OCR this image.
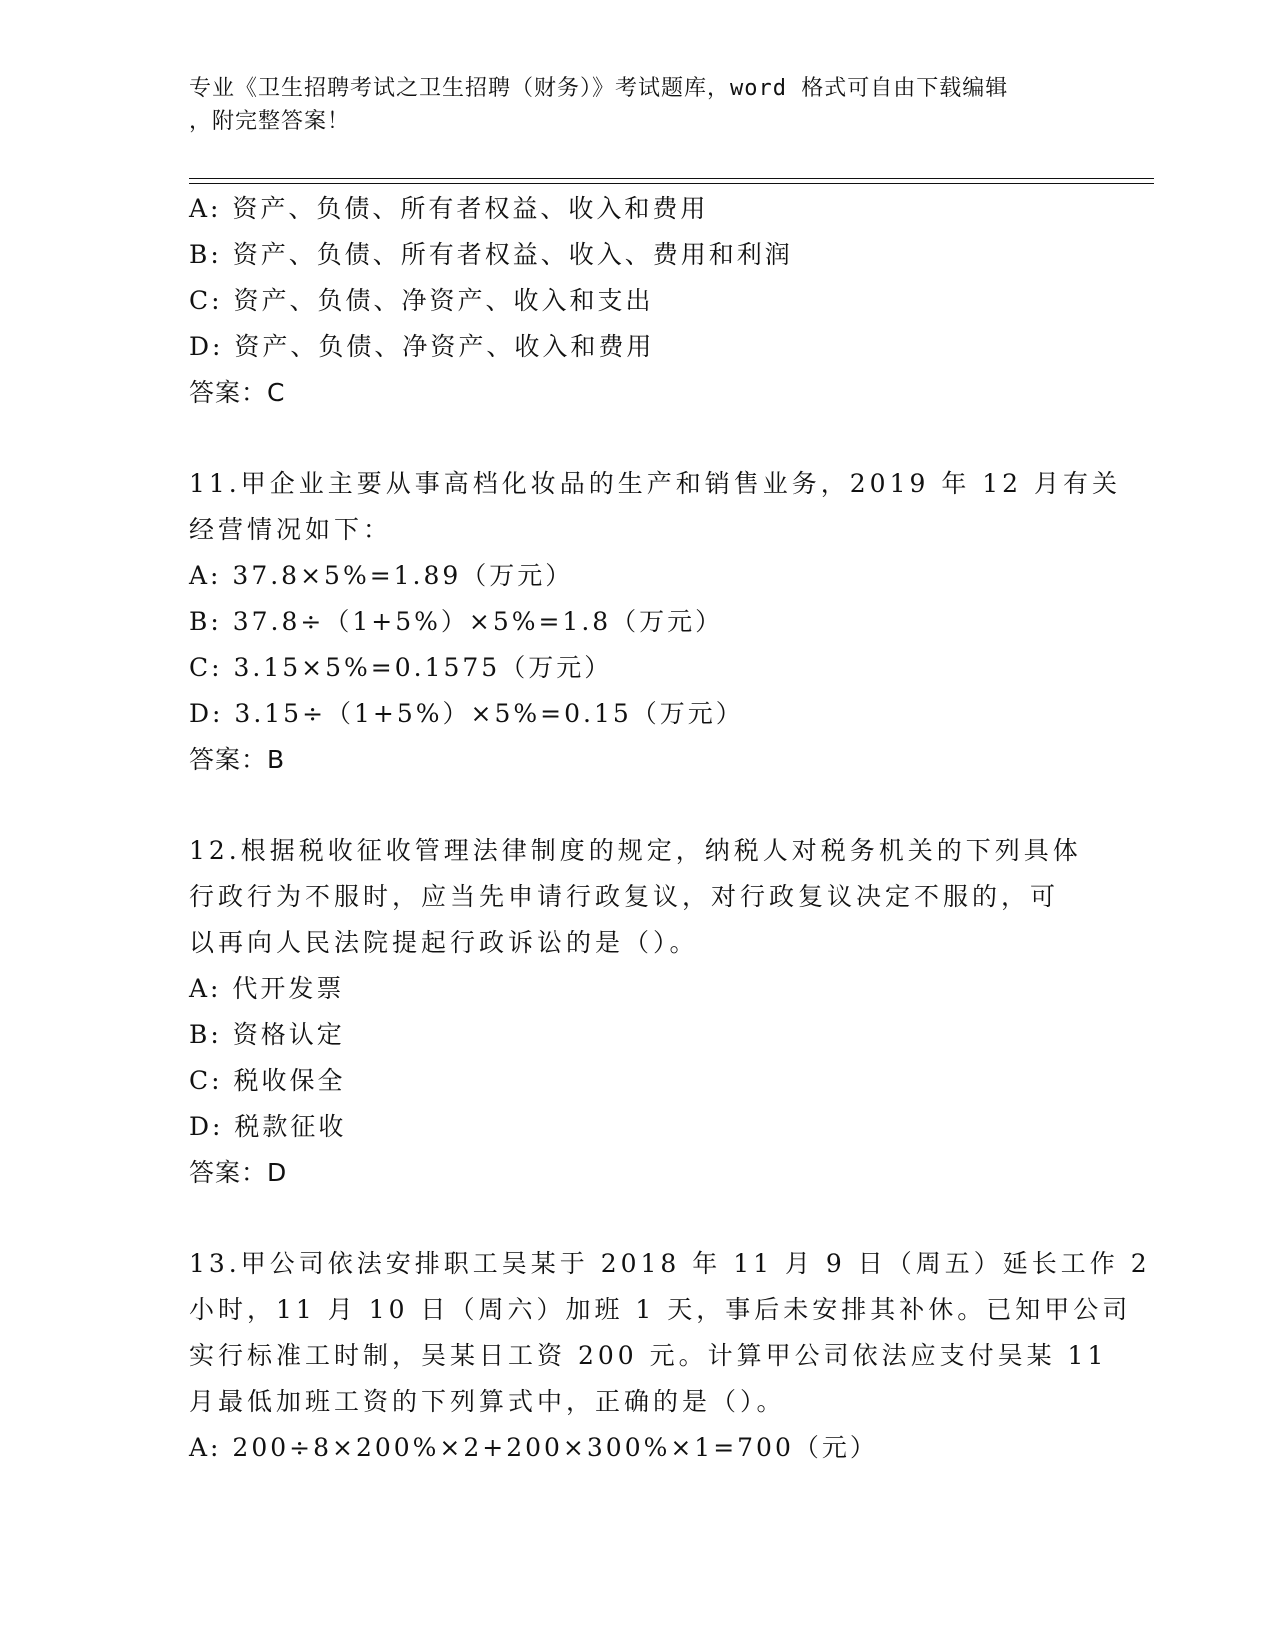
专业《卫生招聘考试之卫生招聘（财务）》考试题库，word 格式可自由下载编辑
，附完整答案！
A: 资产、负债、所有者权益、收入和费用
B: 资产、负债、所有者权益、收入、费用和利润
C: 资产、负债、净资产、收入和支出
D: 资产、负债、净资产、收入和费用
答案：C
11.甲企业主要从事高档化妆品的生产和销售业务，2019 年 12 月有关
经营情况如下：
A: 37.8×5%=1.89（万元）
B: 37.8÷（1+5%）×5%=1.8（万元）
C: 3.15×5%=0.1575（万元）
D: 3.15÷（1+5%）×5%=0.15（万元）
答案：B
12.根据税收征收管理法律制度的规定，纳税人对税务机关的下列具体
行政行为不服时，应当先申请行政复议，对行政复议决定不服的，可
以再向人民法院提起行政诉讼的是（）。
A: 代开发票
B: 资格认定
C: 税收保全
D: 税款征收
答案：D
13.甲公司依法安排职工吴某于 2018 年 11 月 9 日（周五）延长工作 2
小时，11 月 10 日（周六）加班 1 天，事后未安排其补休。已知甲公司
实行标准工时制，吴某日工资 200 元。计算甲公司依法应支付吴某 11
月最低加班工资的下列算式中，正确的是（）。
A: 200÷8×200%×2+200×300%×1=700（元）
